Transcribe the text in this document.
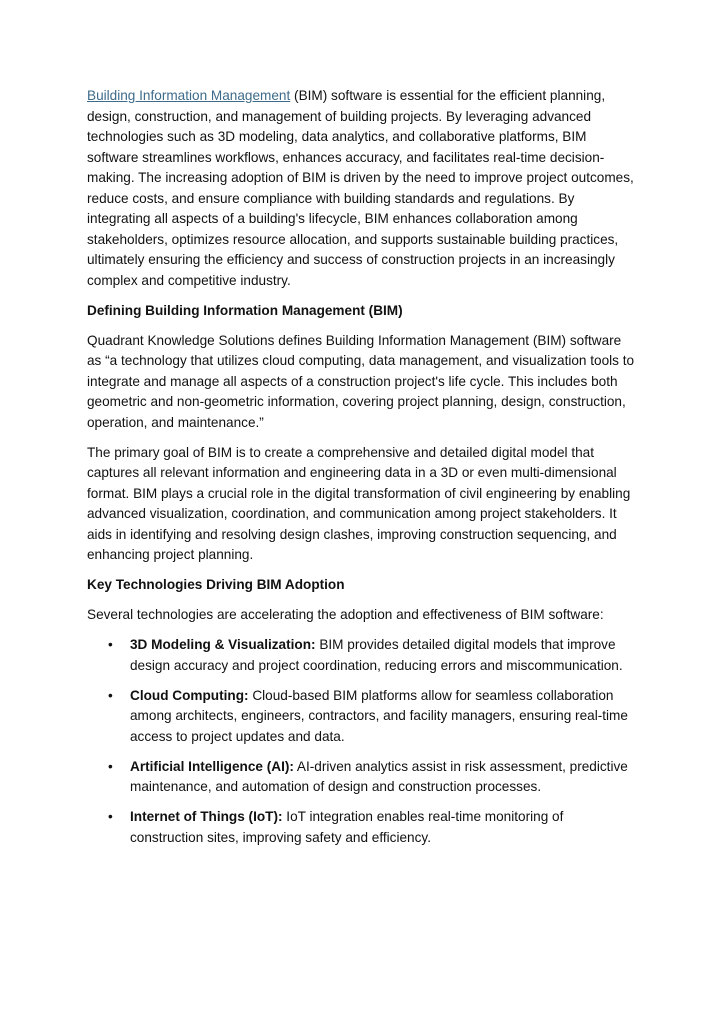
Building Information Management (BIM) software is essential for the efficient planning, design, construction, and management of building projects. By leveraging advanced technologies such as 3D modeling, data analytics, and collaborative platforms, BIM software streamlines workflows, enhances accuracy, and facilitates real-time decision-making. The increasing adoption of BIM is driven by the need to improve project outcomes, reduce costs, and ensure compliance with building standards and regulations. By integrating all aspects of a building's lifecycle, BIM enhances collaboration among stakeholders, optimizes resource allocation, and supports sustainable building practices, ultimately ensuring the efficiency and success of construction projects in an increasingly complex and competitive industry.

Defining Building Information Management (BIM)

Quadrant Knowledge Solutions defines Building Information Management (BIM) software as “a technology that utilizes cloud computing, data management, and visualization tools to integrate and manage all aspects of a construction project's life cycle. This includes both geometric and non-geometric information, covering project planning, design, construction, operation, and maintenance.”

The primary goal of BIM is to create a comprehensive and detailed digital model that captures all relevant information and engineering data in a 3D or even multi-dimensional format. BIM plays a crucial role in the digital transformation of civil engineering by enabling advanced visualization, coordination, and communication among project stakeholders. It aids in identifying and resolving design clashes, improving construction sequencing, and enhancing project planning.

Key Technologies Driving BIM Adoption

Several technologies are accelerating the adoption and effectiveness of BIM software:

• 3D Modeling & Visualization: BIM provides detailed digital models that improve design accuracy and project coordination, reducing errors and miscommunication.
• Cloud Computing: Cloud-based BIM platforms allow for seamless collaboration among architects, engineers, contractors, and facility managers, ensuring real-time access to project updates and data.
• Artificial Intelligence (AI): AI-driven analytics assist in risk assessment, predictive maintenance, and automation of design and construction processes.
• Internet of Things (IoT): IoT integration enables real-time monitoring of construction sites, improving safety and efficiency.
